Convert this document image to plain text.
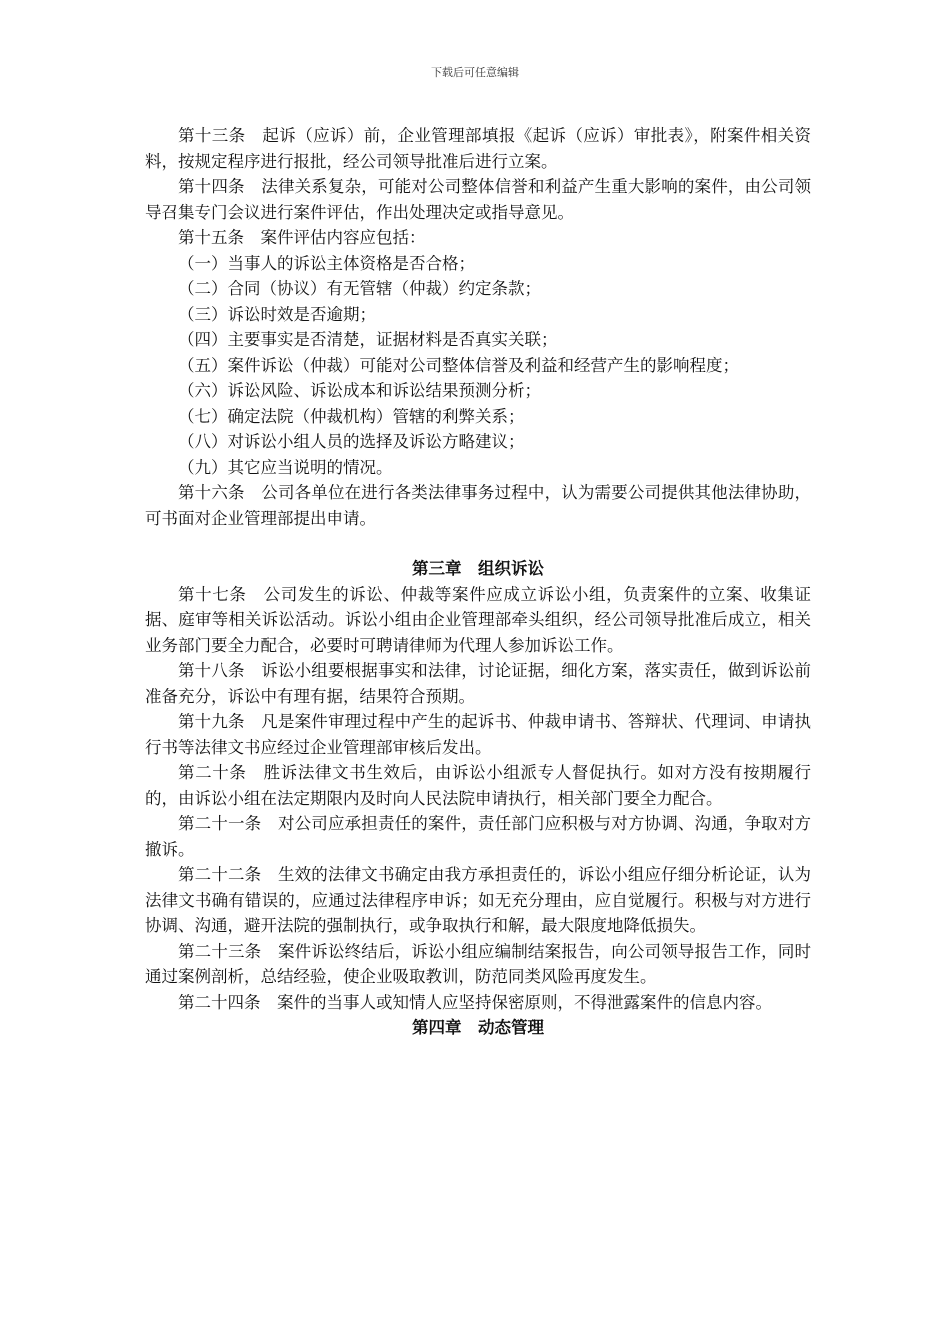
下载后可任意编辑

第十三条　起诉（应诉）前，企业管理部填报《起诉（应诉）审批表》，附案件相关资料，按规定程序进行报批，经公司领导批准后进行立案。

第十四条　法律关系复杂，可能对公司整体信誉和利益产生重大影响的案件，由公司领导召集专门会议进行案件评估，作出处理决定或指导意见。

第十五条　案件评估内容应包括：

（一）当事人的诉讼主体资格是否合格；

（二）合同（协议）有无管辖（仲裁）约定条款；

（三）诉讼时效是否逾期；

（四）主要事实是否清楚，证据材料是否真实关联；

（五）案件诉讼（仲裁）可能对公司整体信誉及利益和经营产生的影响程度；

（六）诉讼风险、诉讼成本和诉讼结果预测分析；

（七）确定法院（仲裁机构）管辖的利弊关系；

（八）对诉讼小组人员的选择及诉讼方略建议；

（九）其它应当说明的情况。

第十六条　公司各单位在进行各类法律事务过程中，认为需要公司提供其他法律协助，可书面对企业管理部提出申请。

第三章　组织诉讼

第十七条　公司发生的诉讼、仲裁等案件应成立诉讼小组，负责案件的立案、收集证据、庭审等相关诉讼活动。诉讼小组由企业管理部牵头组织，经公司领导批准后成立，相关业务部门要全力配合，必要时可聘请律师为代理人参加诉讼工作。

第十八条　诉讼小组要根据事实和法律，讨论证据，细化方案，落实责任，做到诉讼前准备充分，诉讼中有理有据，结果符合预期。

第十九条　凡是案件审理过程中产生的起诉书、仲裁申请书、答辩状、代理词、申请执行书等法律文书应经过企业管理部审核后发出。

第二十条　胜诉法律文书生效后，由诉讼小组派专人督促执行。如对方没有按期履行的，由诉讼小组在法定期限内及时向人民法院申请执行，相关部门要全力配合。

第二十一条　对公司应承担责任的案件，责任部门应积极与对方协调、沟通，争取对方撤诉。

第二十二条　生效的法律文书确定由我方承担责任的，诉讼小组应仔细分析论证，认为法律文书确有错误的，应通过法律程序申诉；如无充分理由，应自觉履行。积极与对方进行协调、沟通，避开法院的强制执行，或争取执行和解，最大限度地降低损失。

第二十三条　案件诉讼终结后，诉讼小组应编制结案报告，向公司领导报告工作，同时通过案例剖析，总结经验，使企业吸取教训，防范同类风险再度发生。

第二十四条　案件的当事人或知情人应坚持保密原则，不得泄露案件的信息内容。

第四章　动态管理
